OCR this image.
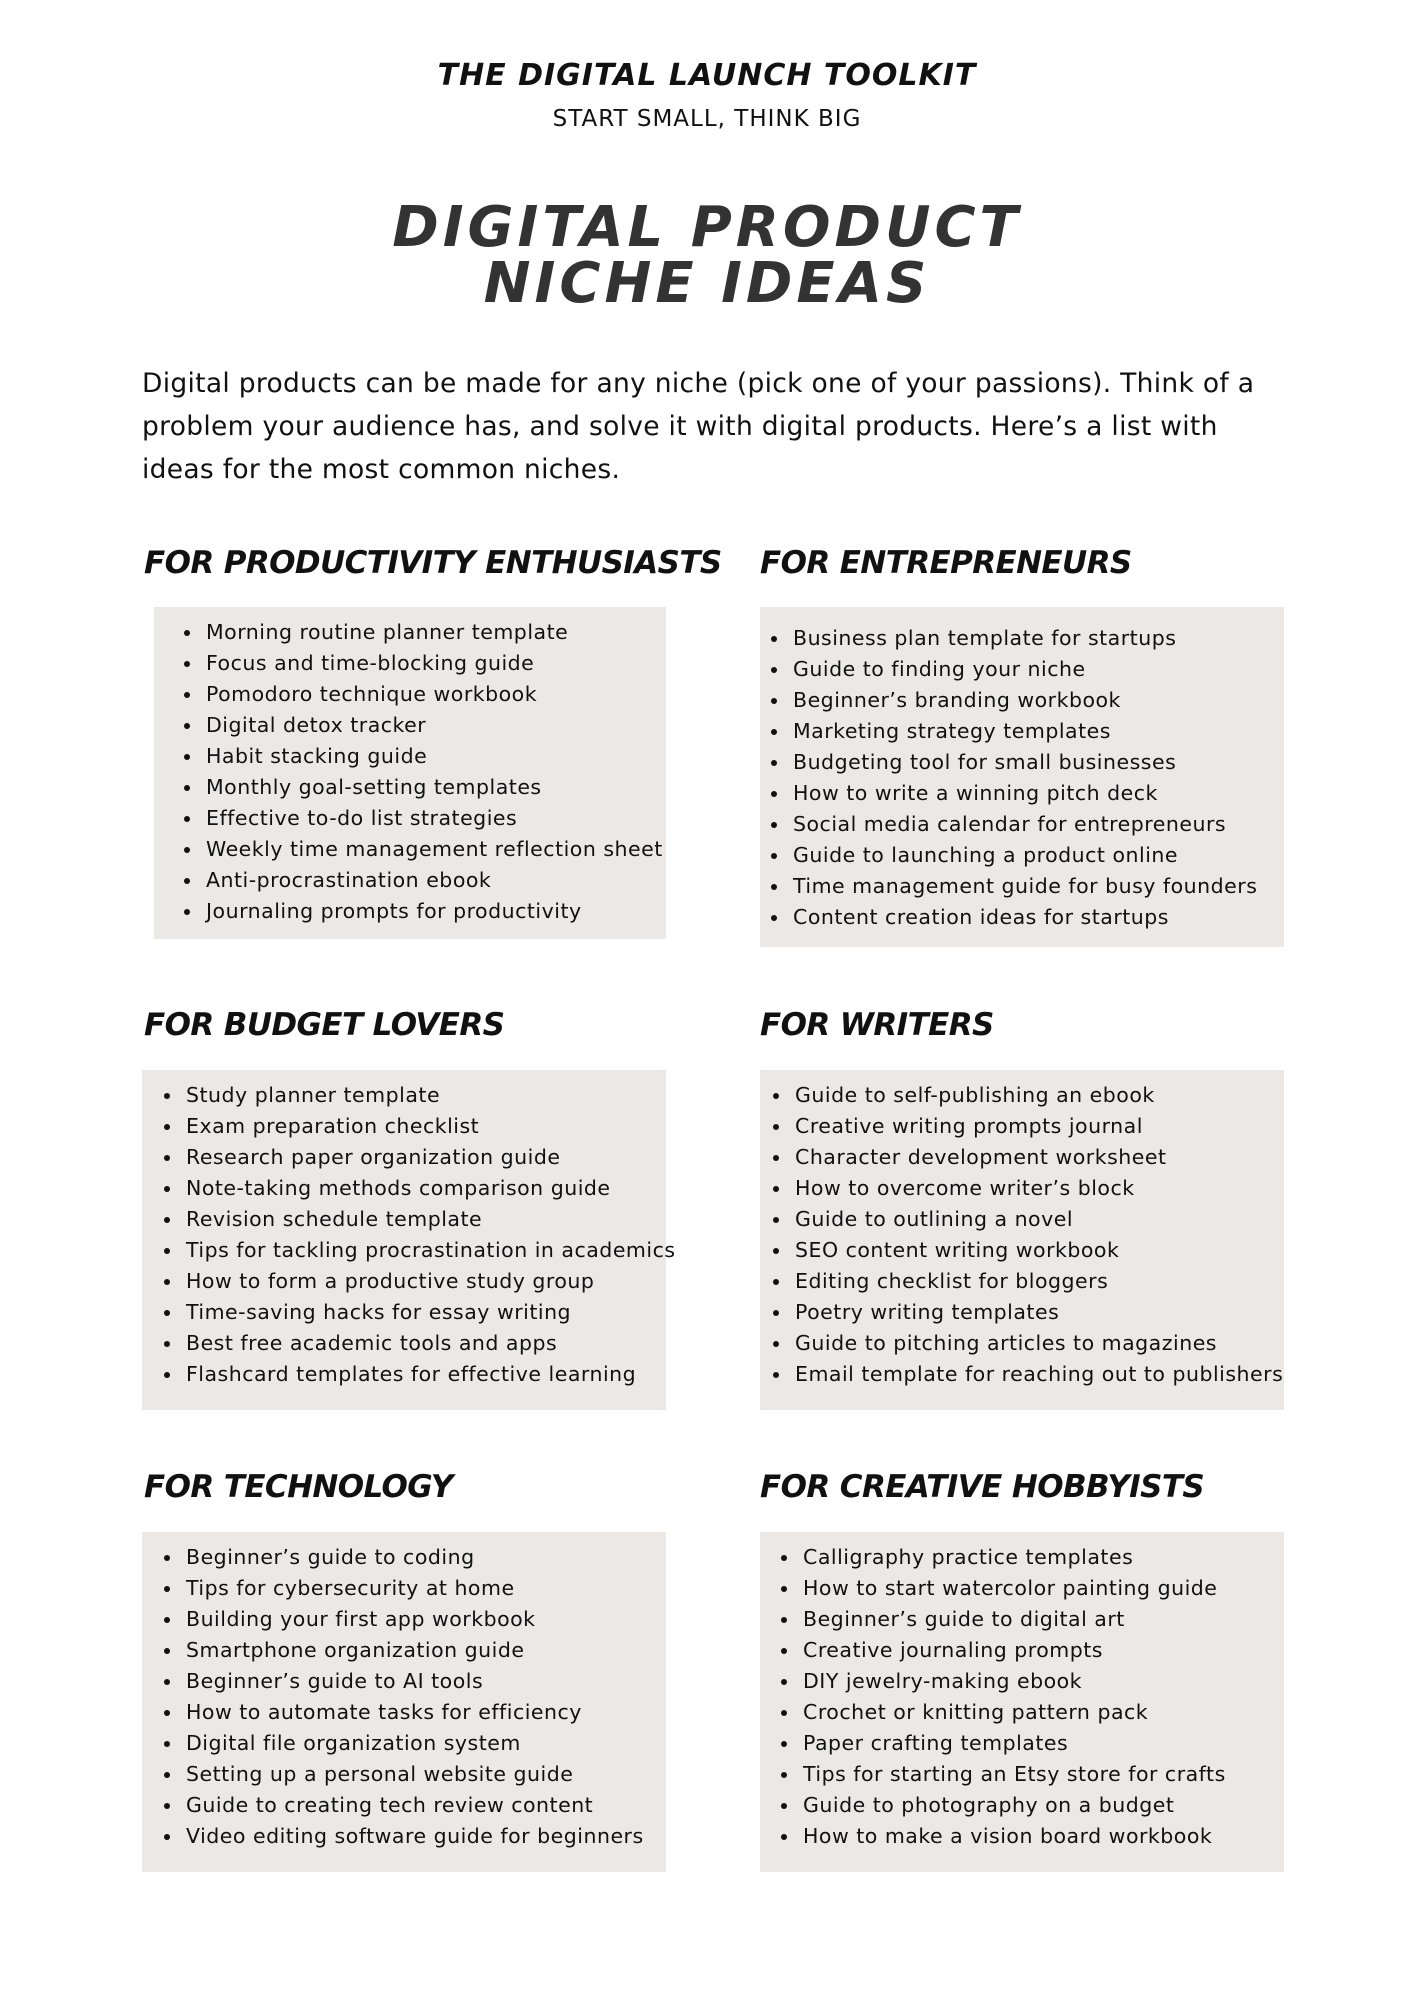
THE DIGITAL LAUNCH TOOLKIT
START SMALL, THINK BIG
DIGITAL PRODUCT
NICHE IDEAS
Digital products can be made for any niche (pick one of your passions). Think of a problem your audience has, and solve it with digital products. Here’s a list with ideas for the most common niches.
FOR PRODUCTIVITY ENTHUSIASTS
Morning routine planner template
Focus and time-blocking guide
Pomodoro technique workbook
Digital detox tracker
Habit stacking guide
Monthly goal-setting templates
Effective to-do list strategies
Weekly time management reflection sheet
Anti-procrastination ebook
Journaling prompts for productivity
FOR ENTREPRENEURS
Business plan template for startups
Guide to finding your niche
Beginner’s branding workbook
Marketing strategy templates
Budgeting tool for small businesses
How to write a winning pitch deck
Social media calendar for entrepreneurs
Guide to launching a product online
Time management guide for busy founders
Content creation ideas for startups
FOR BUDGET LOVERS
Study planner template
Exam preparation checklist
Research paper organization guide
Note-taking methods comparison guide
Revision schedule template
Tips for tackling procrastination in academics
How to form a productive study group
Time-saving hacks for essay writing
Best free academic tools and apps
Flashcard templates for effective learning
FOR WRITERS
Guide to self-publishing an ebook
Creative writing prompts journal
Character development worksheet
How to overcome writer’s block
Guide to outlining a novel
SEO content writing workbook
Editing checklist for bloggers
Poetry writing templates
Guide to pitching articles to magazines
Email template for reaching out to publishers
FOR TECHNOLOGY
Beginner’s guide to coding
Tips for cybersecurity at home
Building your first app workbook
Smartphone organization guide
Beginner’s guide to AI tools
How to automate tasks for efficiency
Digital file organization system
Setting up a personal website guide
Guide to creating tech review content
Video editing software guide for beginners
FOR CREATIVE HOBBYISTS
Calligraphy practice templates
How to start watercolor painting guide
Beginner’s guide to digital art
Creative journaling prompts
DIY jewelry-making ebook
Crochet or knitting pattern pack
Paper crafting templates
Tips for starting an Etsy store for crafts
Guide to photography on a budget
How to make a vision board workbook
